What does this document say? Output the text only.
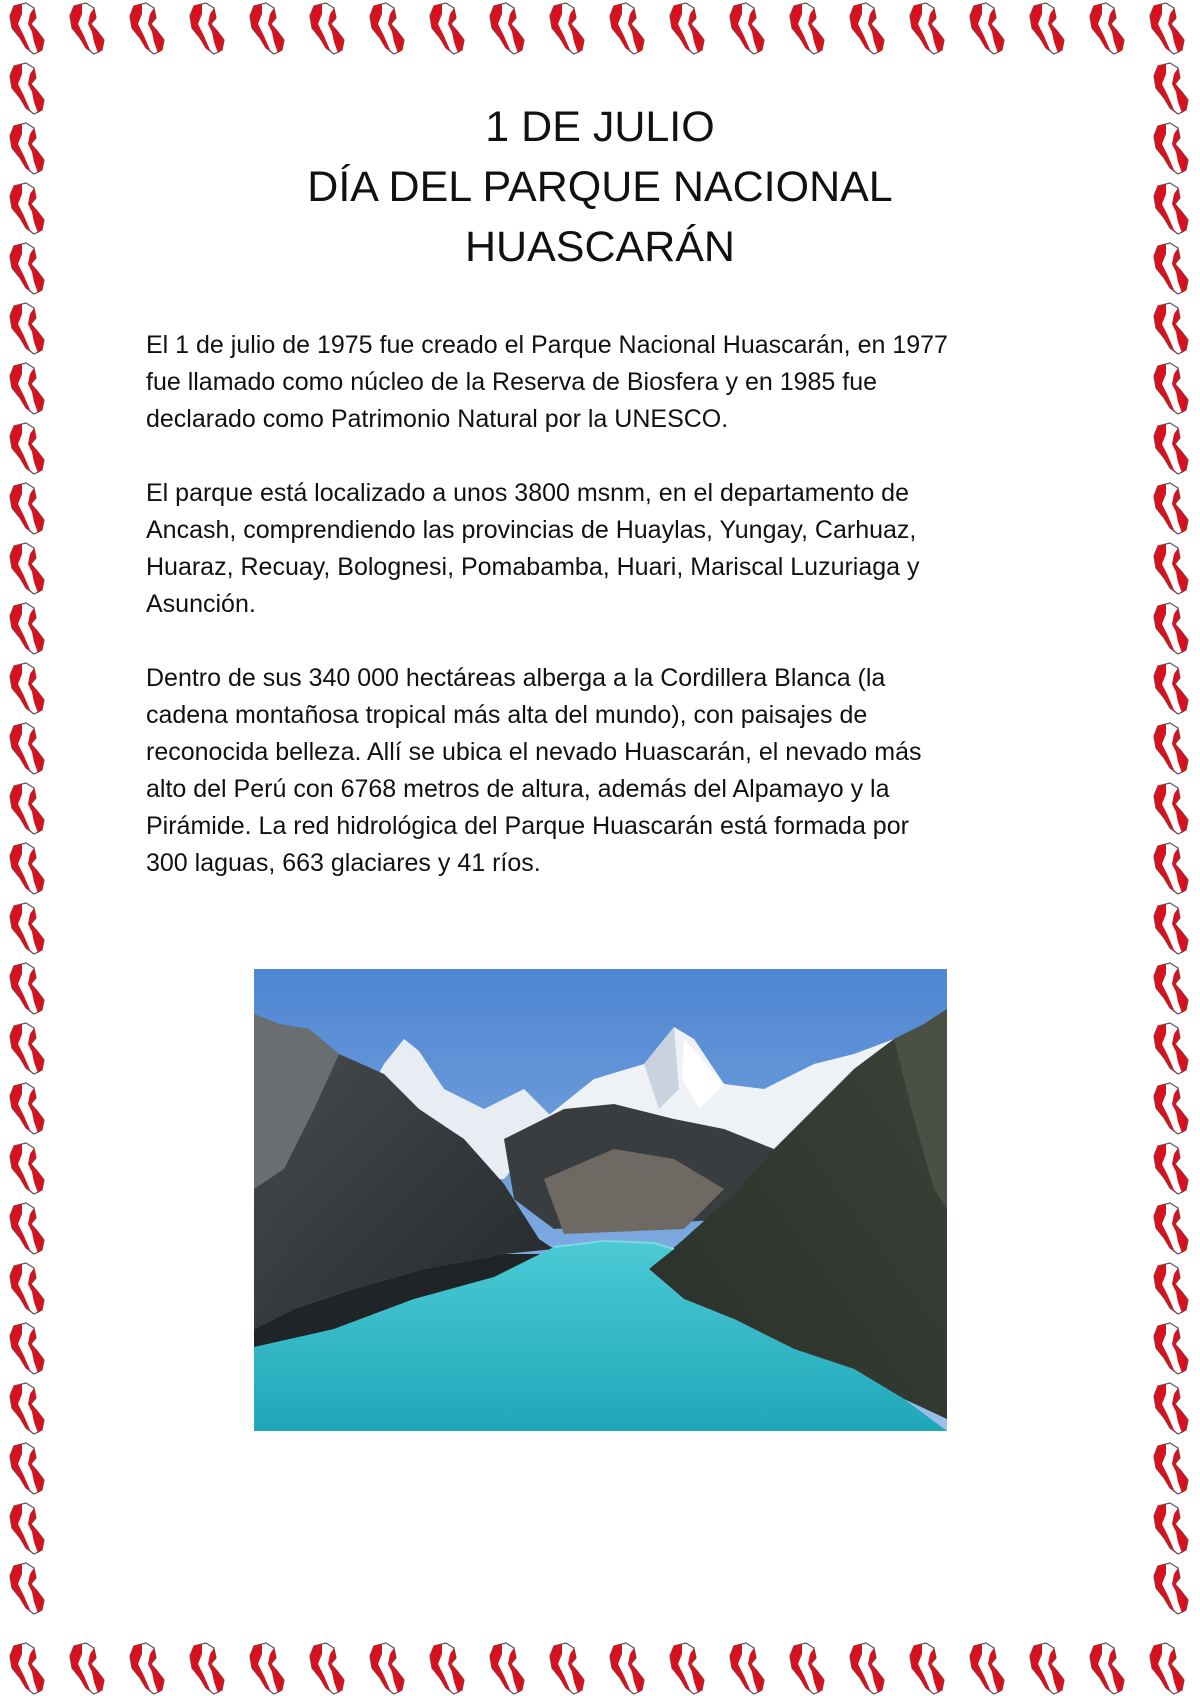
1 DE JULIO
DÍA DEL PARQUE NACIONAL
HUASCARÁN

El 1 de julio de 1975 fue creado el Parque Nacional Huascarán, en 1977
fue llamado como núcleo de la Reserva de Biosfera y en 1985 fue
declarado como Patrimonio Natural por la UNESCO.

El parque está localizado a unos 3800 msnm, en el departamento de
Ancash, comprendiendo las provincias de Huaylas, Yungay, Carhuaz,
Huaraz, Recuay, Bolognesi, Pomabamba, Huari, Mariscal Luzuriaga y
Asunción.

Dentro de sus 340 000 hectáreas alberga a la Cordillera Blanca (la
cadena montañosa tropical más alta del mundo), con paisajes de
reconocida belleza. Allí se ubica el nevado Huascarán, el nevado más
alto del Perú con 6768 metros de altura, además del Alpamayo y la
Pirámide. La red hidrológica del Parque Huascarán está formada por
300 laguas, 663 glaciares y 41 ríos.
